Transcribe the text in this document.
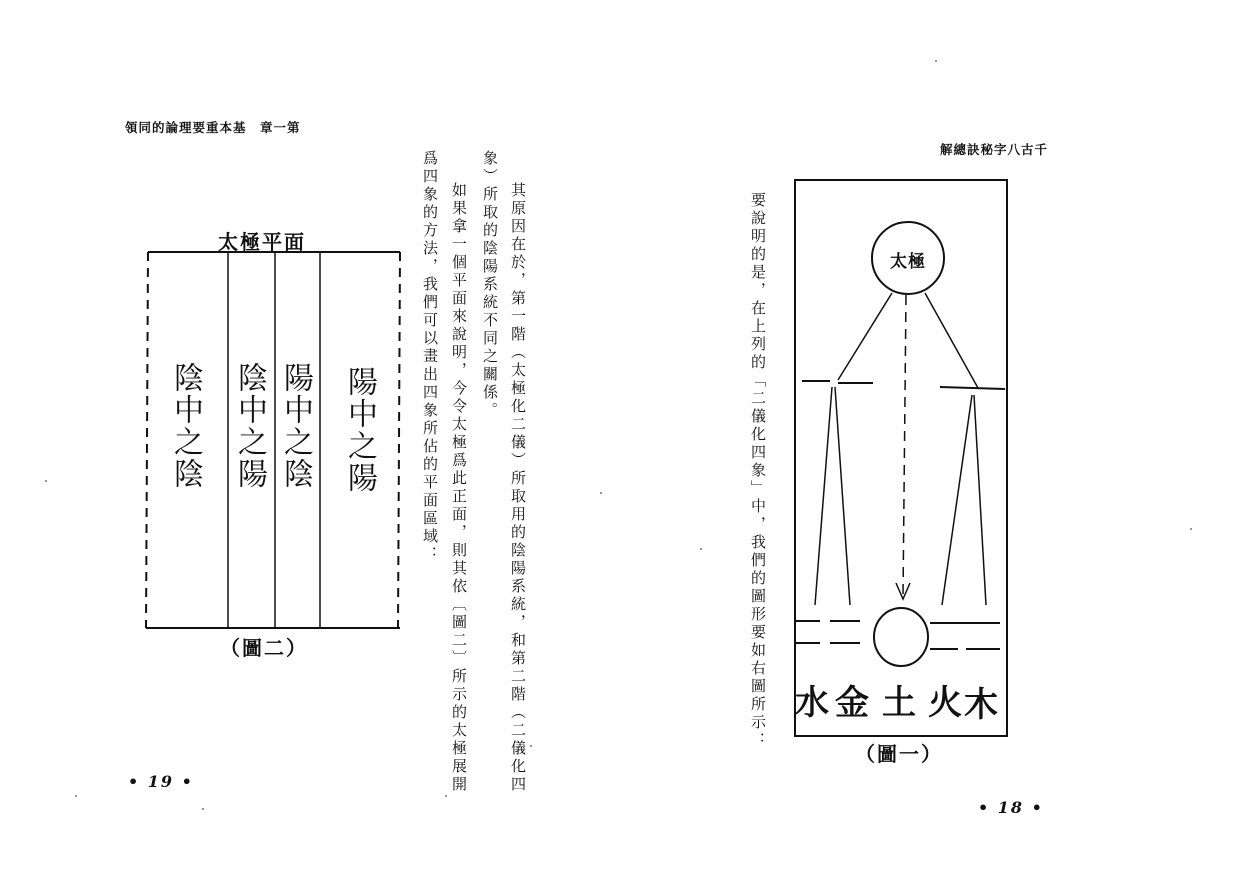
第一章　基本重要理論的同領
其原因在於，第一階（太極化二儀）所取用的陰陽系統，和第二階（二儀化四
象）所取的陰陽系統不同之關係。
如果拿一個平面來說明，今令太極爲此正面，則其依〔圖二〕所示的太極展開
爲四象的方法，我們可以畫出四象所佔的平面區域：
太極平面
陰中之陰 陰中之陽 陽中之陰 陽中之陽
（圖二）
• 19 •
千古八字秘訣總解
要說明的是，在上列的「二儀化四象」中，我們的圖形要如右圖所示：	太極
水 金 土 火 木
（圖一）
• 18 •
